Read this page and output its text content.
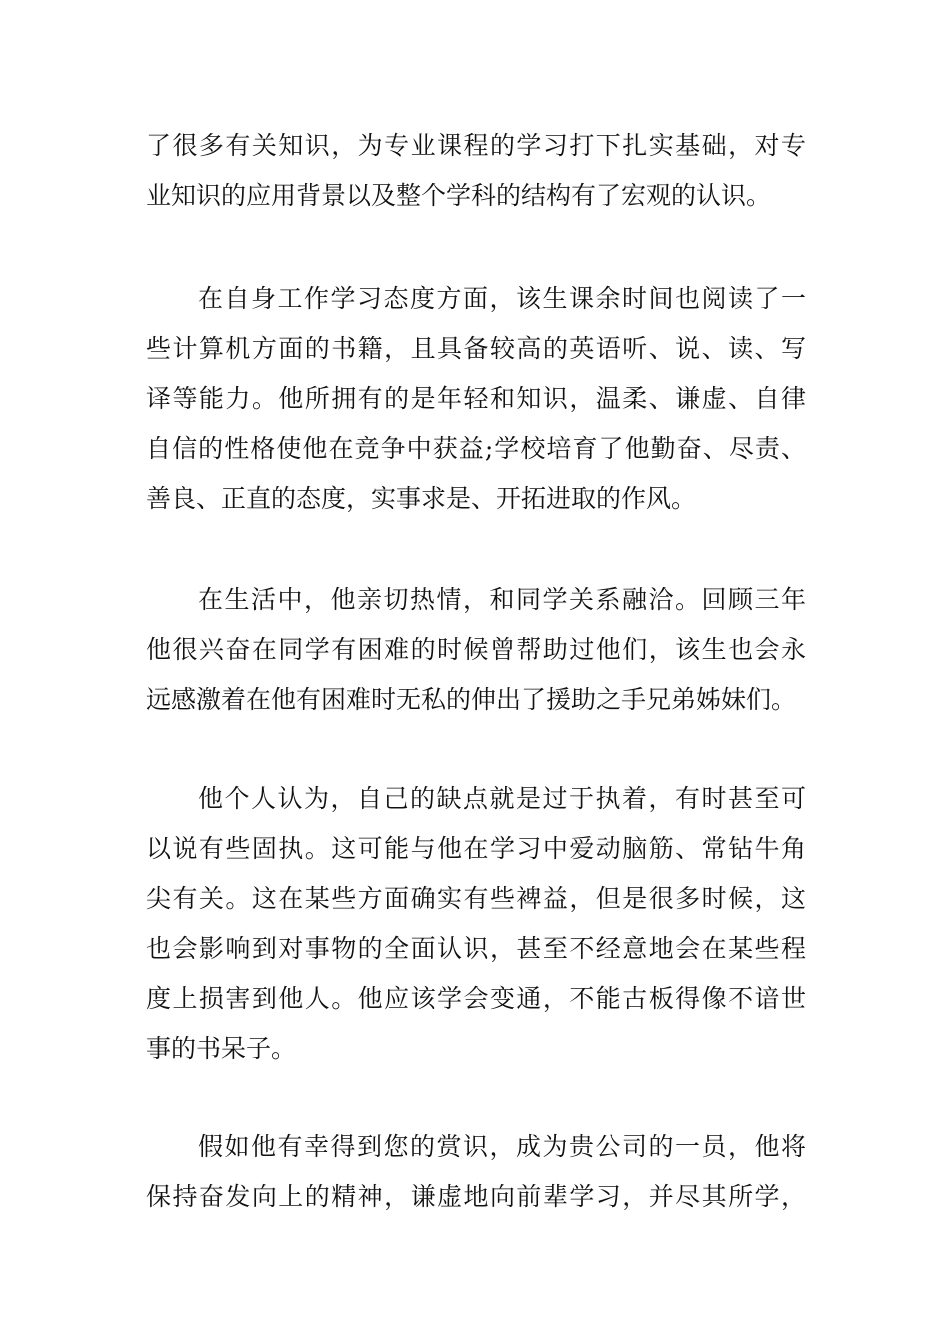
了很多有关知识，为专业课程的学习打下扎实基础，对专
业知识的应用背景以及整个学科的结构有了宏观的认识。
在自身工作学习态度方面，该生课余时间也阅读了一
些计算机方面的书籍，且具备较高的英语听、说、读、写
译等能力。他所拥有的是年轻和知识，温柔、谦虚、自律
自信的性格使他在竞争中获益;学校培育了他勤奋、尽责、
善良、正直的态度，实事求是、开拓进取的作风。
在生活中，他亲切热情，和同学关系融洽。回顾三年
他很兴奋在同学有困难的时候曾帮助过他们，该生也会永
远感激着在他有困难时无私的伸出了援助之手兄弟姊妹们。
他个人认为，自己的缺点就是过于执着，有时甚至可
以说有些固执。这可能与他在学习中爱动脑筋、常钻牛角
尖有关。这在某些方面确实有些裨益，但是很多时候，这
也会影响到对事物的全面认识，甚至不经意地会在某些程
度上损害到他人。他应该学会变通，不能古板得像不谙世
事的书呆子。
假如他有幸得到您的赏识，成为贵公司的一员，他将
保持奋发向上的精神，谦虚地向前辈学习，并尽其所学，
